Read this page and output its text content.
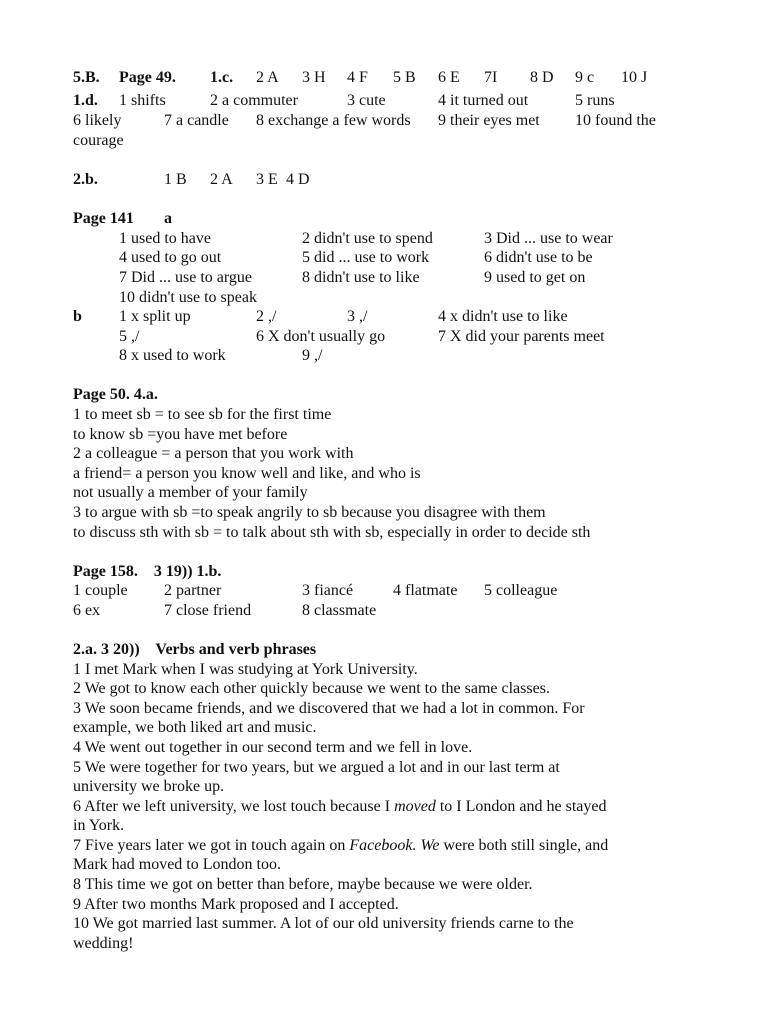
5.B. Page 49. 1.c. 2 A 3 H 4 F 5 B 6 E 7I 8 D 9 c 10 J
1.d. 1 shifts	2 a commuter	3 cute	4 it turned out	5 runs
6 likely	7 a candle 8 exchange a few words 9 their eyes met 10 found the
courage
2.b.	1 B 2 A 3 E 4 D
Page 141 a
1 used to have	2 didn't use to spend	3 Did ... use to wear
4 used to go out	5 did ... use to work	6 didn't use to be
7 Did ... use to argue	8 didn't use to like	9 used to get on
10 didn't use to speak
b 1 x split up	2 ,/	3 ,/	4 x didn't use to like
5 ,/	6 X don't usually go	7 X did your parents meet
8 x used to work	9 ,/
Page 50. 4.a.
1 to meet sb = to see sb for the first time
to know sb =you have met before
2 a colleague = a person that you work with
a friend= a person you know well and like, and who is
not usually a member of your family
3 to argue with sb =to speak angrily to sb because you disagree with them
to discuss sth with sb = to talk about sth with sb, especially in order to decide sth
Page 158.    3 19)) 1.b.
1 couple 2 partner	3 fiancé 4 flatmate 5 colleague
6 ex	7 close friend	8 classmate
2.a. 3 20))    Verbs and verb phrases
1 I met Mark when I was studying at York University.
2 We got to know each other quickly because we went to the same classes.
3 We soon became friends, and we discovered that we had a lot in common. For
example, we both liked art and music.
4 We went out together in our second term and we fell in love.
5 We were together for two years, but we argued a lot and in our last term at
university we broke up.
6 After we left university, we lost touch because I moved to I London and he stayed
in York.
7 Five years later we got in touch again on Facebook. We were both still single, and
Mark had moved to London too.
8 This time we got on better than before, maybe because we were older.
9 After two months Mark proposed and I accepted.
10 We got married last summer. A lot of our old university friends carne to the
wedding!
